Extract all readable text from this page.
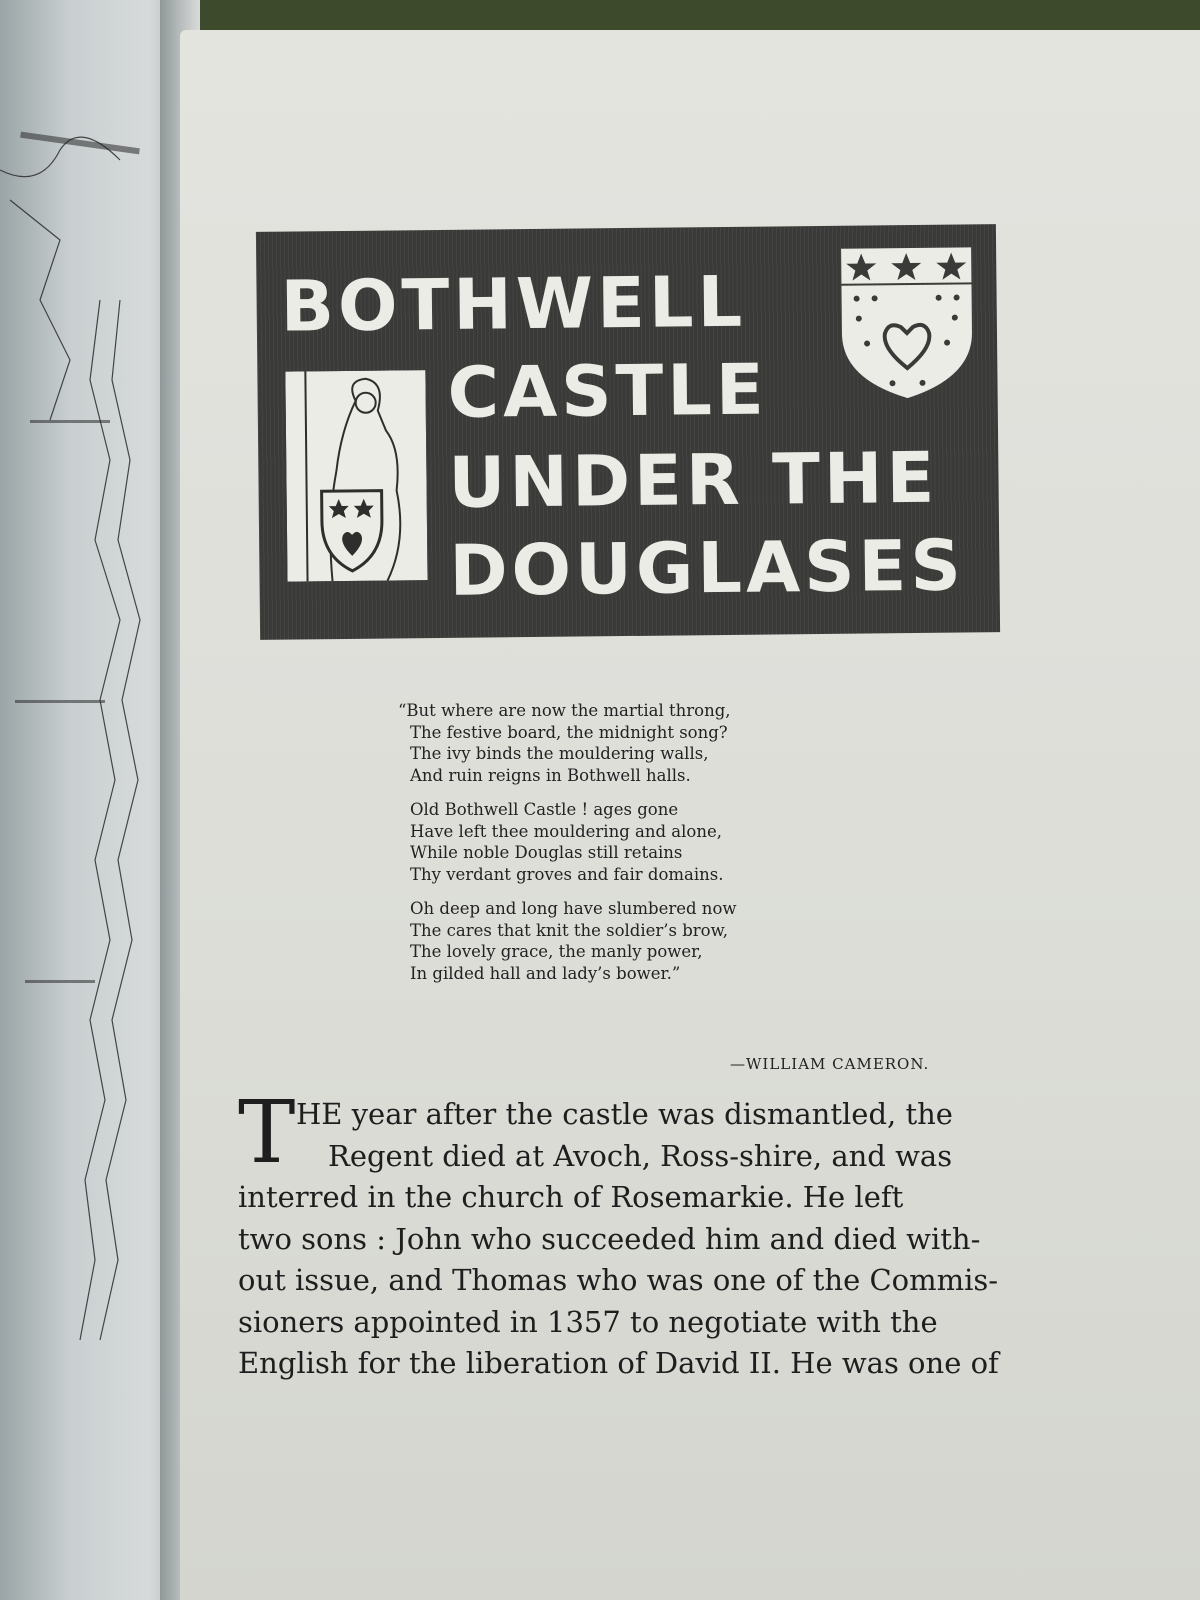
BOTHWELL
CASTLE
UNDER THE
DOUGLASES
“But where are now the martial throng,
The festive board, the midnight song?
The ivy binds the mouldering walls,
And ruin reigns in Bothwell halls.
Old Bothwell Castle ! ages gone
Have left thee mouldering and alone,
While noble Douglas still retains
Thy verdant groves and fair domains.
Oh deep and long have slumbered now
The cares that knit the soldier’s brow,
The lovely grace, the manly power,
In gilded hall and lady’s bower.”
—WILLIAM CAMERON.
T HE year after the castle was dismantled, the
Regent died at Avoch, Ross-shire, and was
interred in the church of Rosemarkie. He left
two sons : John who succeeded him and died with-
out issue, and Thomas who was one of the Commis-
sioners appointed in 1357 to negotiate with the
English for the liberation of David II. He was one of
